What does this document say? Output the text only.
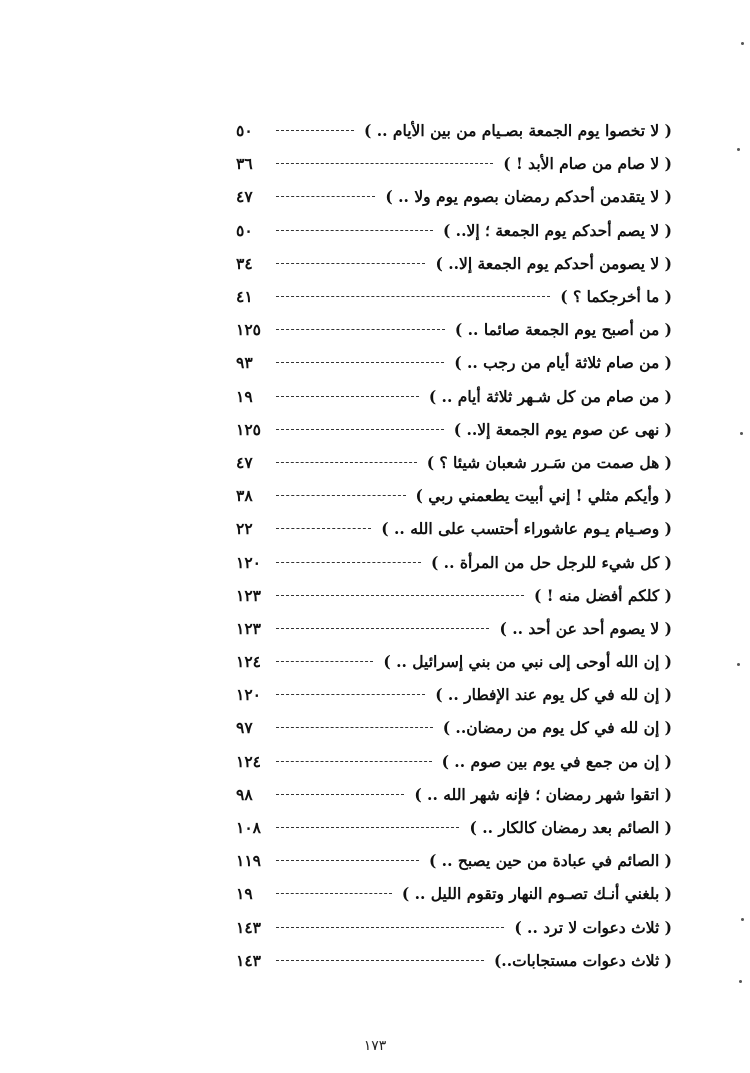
( لا تخصوا يوم الجمعة بصـيام من بين الأيام .. )
٥٠
( لا صام من صام الأبد ! )
٣٦
( لا يتقدمن أحدكم رمضان بصوم يوم ولا .. )
٤٧
( لا يصم أحدكم يوم الجمعة ؛ إلا.. )
٥٠
( لا يصومن أحدكم يوم الجمعة إلا.. )
٣٤
( ما أخرجكما ؟ )
٤١
( من أصبح يوم الجمعة صائما .. )
١٢٥
( من صام ثلاثة أيام من رجب .. )
٩٣
( من صام من كل شـهر ثلاثة أيام .. )
١٩
( نهى عن صوم يوم الجمعة إلا.. )
١٢٥
( هل صمت من سَـرر شعبان شيئا ؟ )
٤٧
( وأيكم مثلي ! إني أبيت يطعمني ربي )
٣٨
( وصـيام يـوم عاشوراء أحتسب على الله .. )
٢٢
( كل شيء للرجل حل من المرأة .. )
١٢٠
( كلكم أفضل منه ! )
١٢٣
( لا يصوم أحد عن أحد .. )
١٢٣
( إن الله أوحى إلى نبي من بني إسرائيل .. )
١٢٤
( إن لله في كل يوم عند الإفطار .. )
١٢٠
( إن لله في كل يوم من رمضان.. )
٩٧
( إن من جمع في يوم بين صوم .. )
١٢٤
( اتقوا شهر رمضان ؛ فإنه شهر الله .. )
٩٨
( الصائم بعد رمضان كالكار .. )
١٠٨
( الصائم في عبادة من حين يصبح .. )
١١٩
( بلغني أنـك تصـوم النهار وتقوم الليل .. )
١٩
( ثلاث دعوات لا ترد .. )
١٤٣
( ثلاث دعوات مستجابات..)
١٤٣
١٧٣
